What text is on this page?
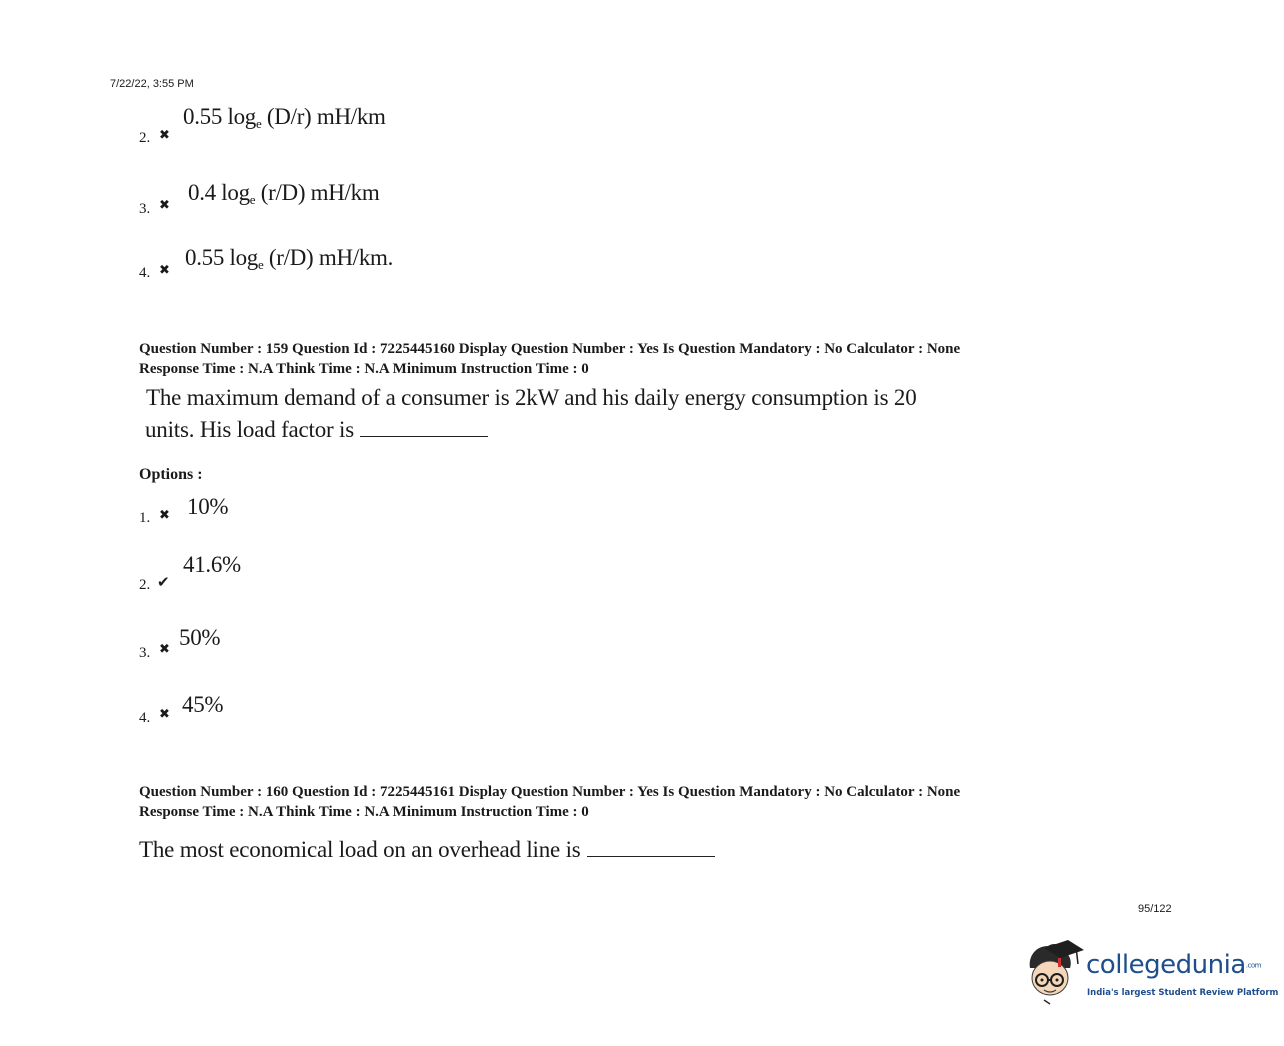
7/22/22, 3:55 PM
0.55 loge (D/r) mH/km
2. ✖
0.4 loge (r/D) mH/km
3. ✖
0.55 loge (r/D) mH/km.
4. ✖
Question Number : 159 Question Id : 7225445160 Display Question Number : Yes Is Question Mandatory : No Calculator : None
Response Time : N.A Think Time : N.A Minimum Instruction Time : 0
The maximum demand of a consumer is 2kW and his daily energy consumption is 20
units. His load factor is
Options :
10%
1. ✖
41.6%
2. ✔
50%
3. ✖
45%
4. ✖
Question Number : 160 Question Id : 7225445161 Display Question Number : Yes Is Question Mandatory : No Calculator : None
Response Time : N.A Think Time : N.A Minimum Instruction Time : 0
The most economical load on an overhead line is
95/122
collegedunia.com
India's largest Student Review Platform
